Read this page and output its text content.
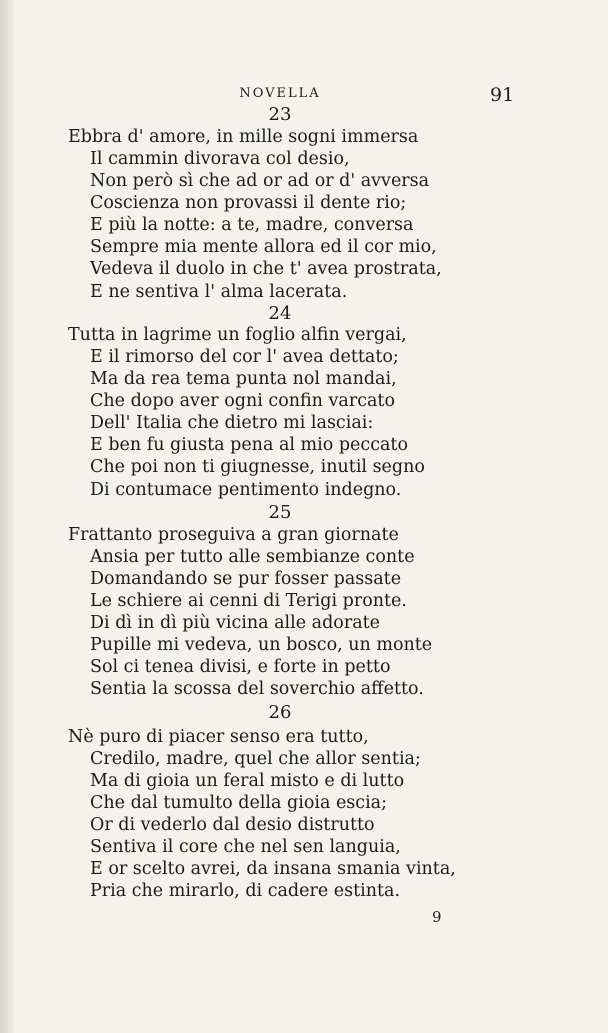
NOVELLA	91
23
Ebbra d' amore, in mille sogni immersa
Il cammin divorava col desio,
Non però sì che ad or ad or d' avversa
Coscienza non provassi il dente rio;
E più la notte: a te, madre, conversa
Sempre mia mente allora ed il cor mio,
Vedeva il duolo in che t' avea prostrata,
E ne sentiva l' alma lacerata.
24
Tutta in lagrime un foglio alfin vergai,
E il rimorso del cor l' avea dettato;
Ma da rea tema punta nol mandai,
Che dopo aver ogni confin varcato
Dell' Italia che dietro mi lasciai:
E ben fu giusta pena al mio peccato
Che poi non ti giugnesse, inutil segno
Di contumace pentimento indegno.
25
Frattanto proseguiva a gran giornate
Ansia per tutto alle sembianze conte
Domandando se pur fosser passate
Le schiere ai cenni di Terigi pronte.
Di dì in dì più vicina alle adorate
Pupille mi vedeva, un bosco, un monte
Sol ci tenea divisi, e forte in petto
Sentia la scossa del soverchio affetto.
26
Nè puro di piacer senso era tutto,
Credilo, madre, quel che allor sentia;
Ma di gioia un feral misto e di lutto
Che dal tumulto della gioia escia;
Or di vederlo dal desio distrutto
Sentiva il core che nel sen languia,
E or scelto avrei, da insana smania vinta,
Pria che mirarlo, di cadere estinta.
9
